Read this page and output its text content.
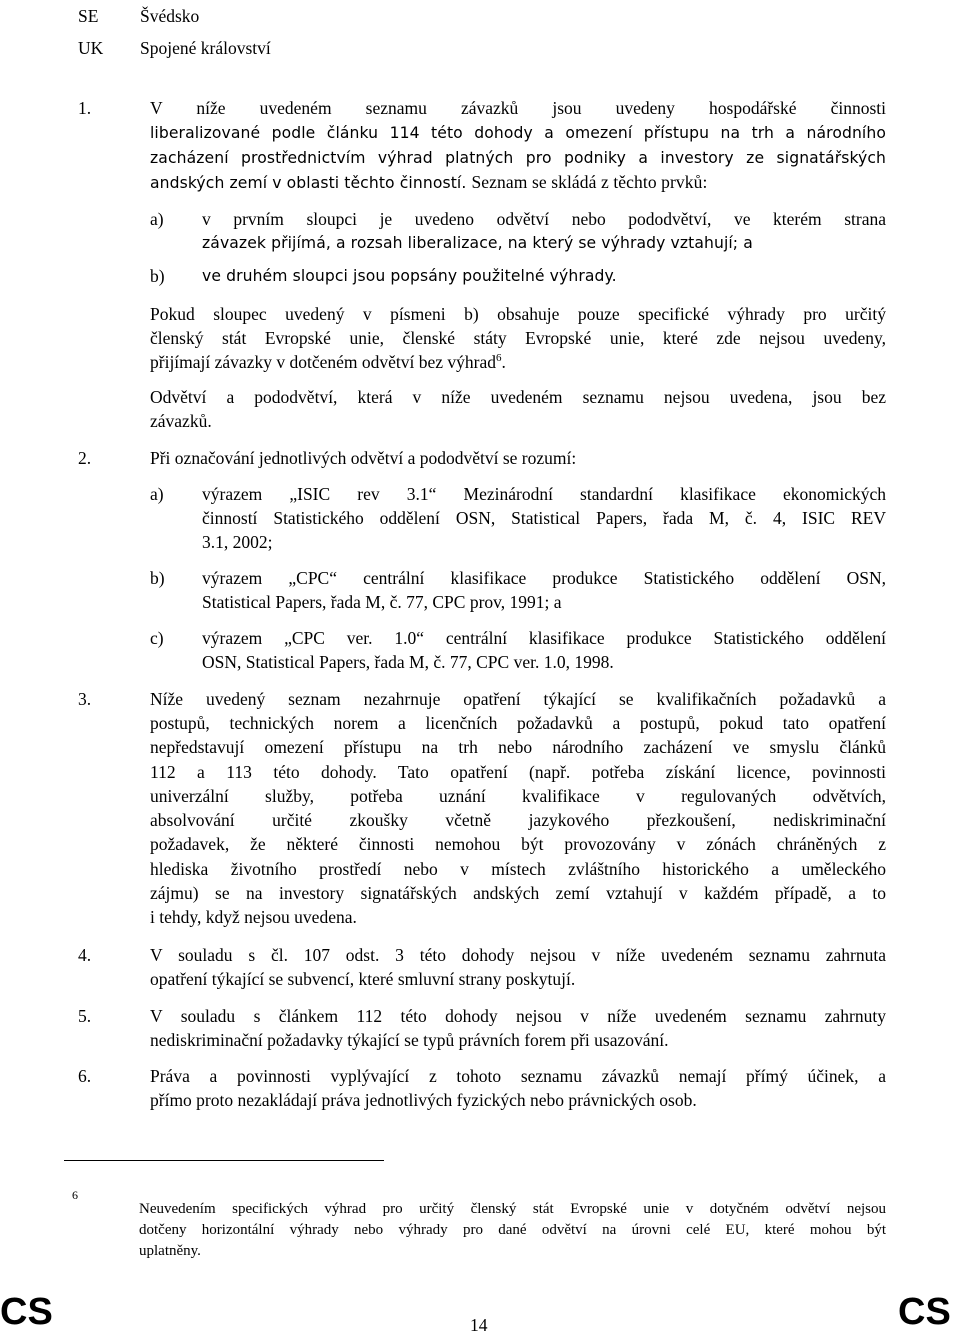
SE Švédsko
UK Spojené království
1.	V níže uvedeném seznamu závazků jsou uvedeny hospodářské činnosti
liberalizované podle článku 114 této dohody a omezení přístupu na trh a národního
zacházení prostřednictvím výhrad platných pro podniky a investory ze signatářských
andských zemí v oblasti těchto činností. Seznam se skládá z těchto prvků:
a) v prvním sloupci je uvedeno odvětví nebo pododvětví, ve kterém strana
závazek přijímá, a rozsah liberalizace, na který se výhrady vztahují; a
b) ve druhém sloupci jsou popsány použitelné výhrady.
Pokud sloupec uvedený v písmeni b) obsahuje pouze specifické výhrady pro určitý
členský stát Evropské unie, členské státy Evropské unie, které zde nejsou uvedeny,
přijímají závazky v dotčeném odvětví bez výhrad$^6$.
Odvětví a pododvětví, která v níže uvedeném seznamu nejsou uvedena, jsou bez
závazků.
2.	Při označování jednotlivých odvětví a pododvětví se rozumí:
a) výrazem „ISIC rev 3.1“ Mezinárodní standardní klasifikace ekonomických
činností Statistického oddělení OSN, Statistical Papers, řada M, č. 4, ISIC REV
3.1, 2002;
b) výrazem „CPC“ centrální klasifikace produkce Statistického oddělení OSN,
Statistical Papers, řada M, č. 77, CPC prov, 1991; a
c) výrazem „CPC ver. 1.0“ centrální klasifikace produkce Statistického oddělení
OSN, Statistical Papers, řada M, č. 77, CPC ver. 1.0, 1998.
3.	Níže uvedený seznam nezahrnuje opatření týkající se kvalifikačních požadavků a
postupů, technických norem a licenčních požadavků a postupů, pokud tato opatření
nepředstavují omezení přístupu na trh nebo národního zacházení ve smyslu článků
112 a 113 této dohody. Tato opatření (např. potřeba získání licence, povinnosti
univerzální služby, potřeba uznání kvalifikace v regulovaných odvětvích,
absolvování určité zkoušky včetně jazykového přezkoušení, nediskriminační
požadavek, že některé činnosti nemohou být provozovány v zónách chráněných z
hlediska životního prostředí nebo v místech zvláštního historického a uměleckého
zájmu) se na investory signatářských andských zemí vztahují v každém případě, a to
i tehdy, když nejsou uvedena.
4.	V souladu s čl. 107 odst. 3 této dohody nejsou v níže uvedeném seznamu zahrnuta
opatření týkající se subvencí, které smluvní strany poskytují.
5.	V souladu s článkem 112 této dohody nejsou v níže uvedeném seznamu zahrnuty
nediskriminační požadavky týkající se typů právních forem při usazování.
6.	Práva a povinnosti vyplývající z tohoto seznamu závazků nemají přímý účinek, a
přímo proto nezakládají práva jednotlivých fyzických nebo právnických osob.
6
Neuvedením specifických výhrad pro určitý členský stát Evropské unie v dotyčném odvětví nejsou
dotčeny horizontální výhrady nebo výhrady pro dané odvětví na úrovni celé EU, které mohou být
uplatněny.
CS	14	CS
